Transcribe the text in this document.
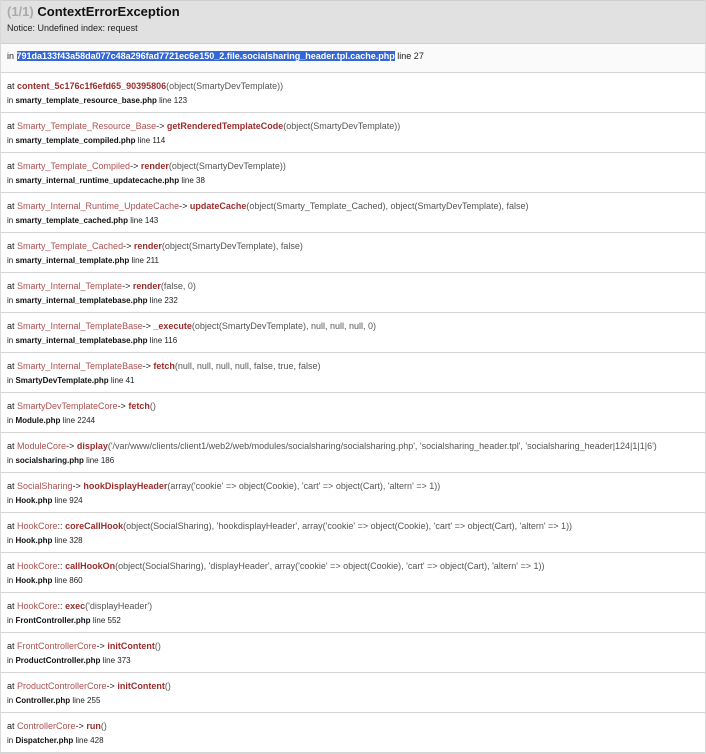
(1/1) ContextErrorException
Notice: Undefined index: request
in 791da133f43a58da077c48a296fad7721ec6e150_2.file.socialsharing_header.tpl.cache.php line 27
at content_5c176c1f6efd65_90395806(object(SmartyDevTemplate))
in smarty_template_resource_base.php line 123
at Smarty_Template_Resource_Base-> getRenderedTemplateCode(object(SmartyDevTemplate))
in smarty_template_compiled.php line 114
at Smarty_Template_Compiled-> render(object(SmartyDevTemplate))
in smarty_internal_runtime_updatecache.php line 38
at Smarty_Internal_Runtime_UpdateCache-> updateCache(object(Smarty_Template_Cached), object(SmartyDevTemplate), false)
in smarty_template_cached.php line 143
at Smarty_Template_Cached-> render(object(SmartyDevTemplate), false)
in smarty_internal_template.php line 211
at Smarty_Internal_Template-> render(false, 0)
in smarty_internal_templatebase.php line 232
at Smarty_Internal_TemplateBase-> _execute(object(SmartyDevTemplate), null, null, null, 0)
in smarty_internal_templatebase.php line 116
at Smarty_Internal_TemplateBase-> fetch(null, null, null, null, false, true, false)
in SmartyDevTemplate.php line 41
at SmartyDevTemplateCore-> fetch()
in Module.php line 2244
at ModuleCore-> display('/var/www/clients/client1/web2/web/modules/socialsharing/socialsharing.php', 'socialsharing_header.tpl', 'socialsharing_header|124|1|1|6')
in socialsharing.php line 186
at SocialSharing-> hookDisplayHeader(array('cookie' => object(Cookie), 'cart' => object(Cart), 'altern' => 1))
in Hook.php line 924
at HookCore:: coreCallHook(object(SocialSharing), 'hookdisplayHeader', array('cookie' => object(Cookie), 'cart' => object(Cart), 'altern' => 1))
in Hook.php line 328
at HookCore:: callHookOn(object(SocialSharing), 'displayHeader', array('cookie' => object(Cookie), 'cart' => object(Cart), 'altern' => 1))
in Hook.php line 860
at HookCore:: exec('displayHeader')
in FrontController.php line 552
at FrontControllerCore-> initContent()
in ProductController.php line 373
at ProductControllerCore-> initContent()
in Controller.php line 255
at ControllerCore-> run()
in Dispatcher.php line 428
